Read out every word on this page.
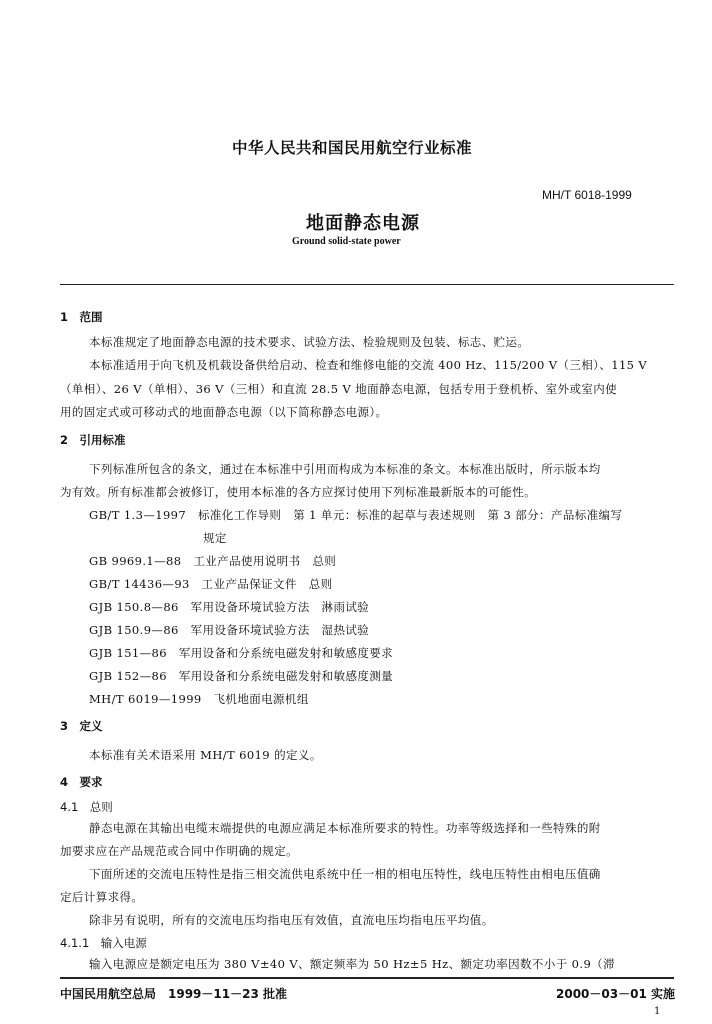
中华人民共和国民用航空行业标准
MH/T 6018-1999
地面静态电源
Ground solid-state power
1　范围
本标准规定了地面静态电源的技术要求、试验方法、检验规则及包装、标志、贮运。
本标准适用于向飞机及机载设备供给启动、检查和维修电能的交流 400 Hz、115/200 V（三相）、115 V
（单相）、26 V（单相）、36 V（三相）和直流 28.5 V 地面静态电源，包括专用于登机桥、室外或室内使
用的固定式或可移动式的地面静态电源（以下简称静态电源）。
2　引用标准
下列标准所包含的条文，通过在本标准中引用而构成为本标准的条文。本标准出版时，所示版本均
为有效。所有标准都会被修订，使用本标准的各方应探讨使用下列标准最新版本的可能性。
GB/T 1.3—1997　标准化工作导则　第 1 单元：标准的起草与表述规则　第 3 部分：产品标准编写
规定
GB 9969.1—88　工业产品使用说明书　总则
GB/T 14436—93　工业产品保证文件　总则
GJB 150.8—86　军用设备环境试验方法　淋雨试验
GJB 150.9—86　军用设备环境试验方法　湿热试验
GJB 151—86　军用设备和分系统电磁发射和敏感度要求
GJB 152—86　军用设备和分系统电磁发射和敏感度测量
MH/T 6019—1999　飞机地面电源机组
3　定义
本标准有关术语采用 MH/T 6019 的定义。
4　要求
4.1　总则
静态电源在其输出电缆末端提供的电源应满足本标准所要求的特性。功率等级选择和一些特殊的附
加要求应在产品规范或合同中作明确的规定。
下面所述的交流电压特性是指三相交流供电系统中任一相的相电压特性，线电压特性由相电压值确
定后计算求得。
除非另有说明，所有的交流电压均指电压有效值，直流电压均指电压平均值。
4.1.1　输入电源
输入电源应是额定电压为 380 V±40 V、额定频率为 50 Hz±5 Hz、额定功率因数不小于 0.9（滞
中国民用航空总局　1999－11－23 批准	2000－03－01 实施
1
